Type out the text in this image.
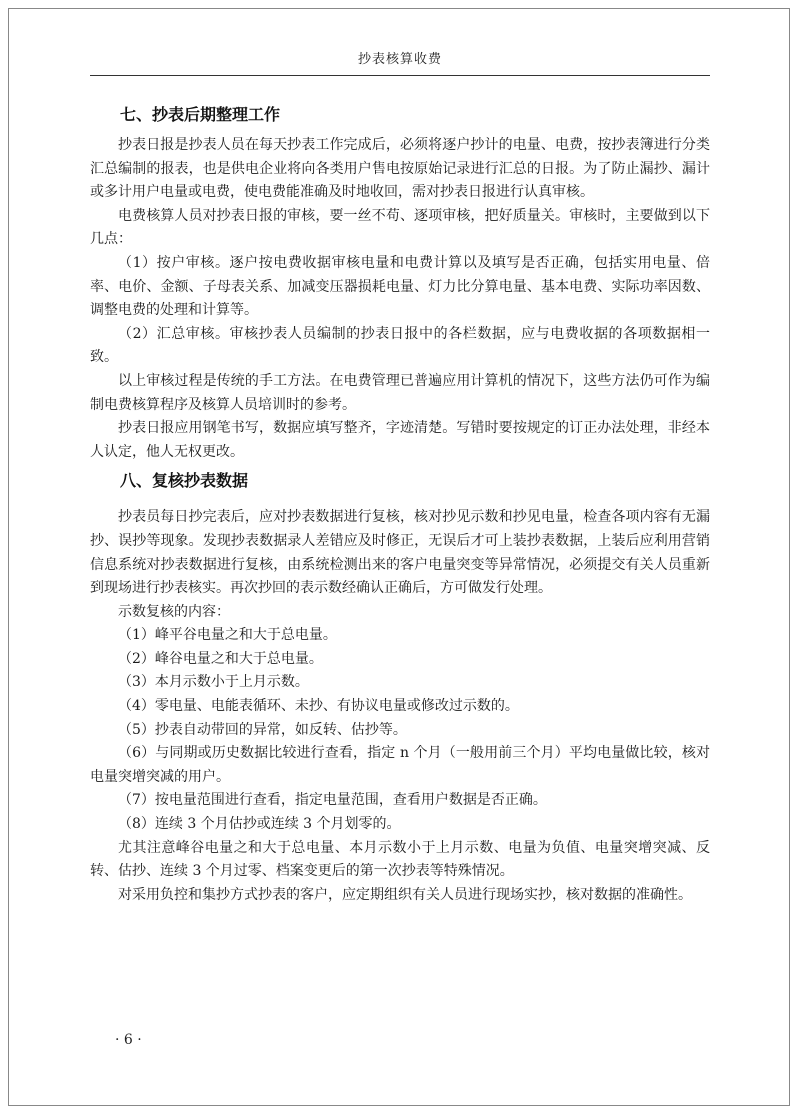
抄表核算收费
七、抄表后期整理工作

抄表日报是抄表人员在每天抄表工作完成后，必须将逐户抄计的电量、电费，按抄表簿进行分类汇总编制的报表，也是供电企业将向各类用户售电按原始记录进行汇总的日报。为了防止漏抄、漏计或多计用户电量或电费，使电费能准确及时地收回，需对抄表日报进行认真审核。

电费核算人员对抄表日报的审核，要一丝不苟、逐项审核，把好质量关。审核时，主要做到以下几点：

（1）按户审核。逐户按电费收据审核电量和电费计算以及填写是否正确，包括实用电量、倍率、电价、金额、子母表关系、加减变压器损耗电量、灯力比分算电量、基本电费、实际功率因数、调整电费的处理和计算等。

（2）汇总审核。审核抄表人员编制的抄表日报中的各栏数据，应与电费收据的各项数据相一致。

以上审核过程是传统的手工方法。在电费管理已普遍应用计算机的情况下，这些方法仍可作为编制电费核算程序及核算人员培训时的参考。

抄表日报应用钢笔书写，数据应填写整齐，字迹清楚。写错时要按规定的订正办法处理，非经本人认定，他人无权更改。

八、复核抄表数据

抄表员每日抄完表后，应对抄表数据进行复核，核对抄见示数和抄见电量，检查各项内容有无漏抄、误抄等现象。发现抄表数据录人差错应及时修正，无误后才可上装抄表数据，上装后应利用营销信息系统对抄表数据进行复核，由系统检测出来的客户电量突变等异常情况，必须提交有关人员重新到现场进行抄表核实。再次抄回的表示数经确认正确后，方可做发行处理。

示数复核的内容：

（1）峰平谷电量之和大于总电量。

（2）峰谷电量之和大于总电量。

（3）本月示数小于上月示数。

（4）零电量、电能表循环、未抄、有协议电量或修改过示数的。

（5）抄表自动带回的异常，如反转、估抄等。

（6）与同期或历史数据比较进行查看，指定 n 个月（一般用前三个月）平均电量做比较，核对电量突增突减的用户。

（7）按电量范围进行查看，指定电量范围，查看用户数据是否正确。

（8）连续 3 个月估抄或连续 3 个月划零的。

尤其注意峰谷电量之和大于总电量、本月示数小于上月示数、电量为负值、电量突增突减、反转、估抄、连续 3 个月过零、档案变更后的第一次抄表等特殊情况。

对采用负控和集抄方式抄表的客户，应定期组织有关人员进行现场实抄，核对数据的准确性。

· 6 ·
